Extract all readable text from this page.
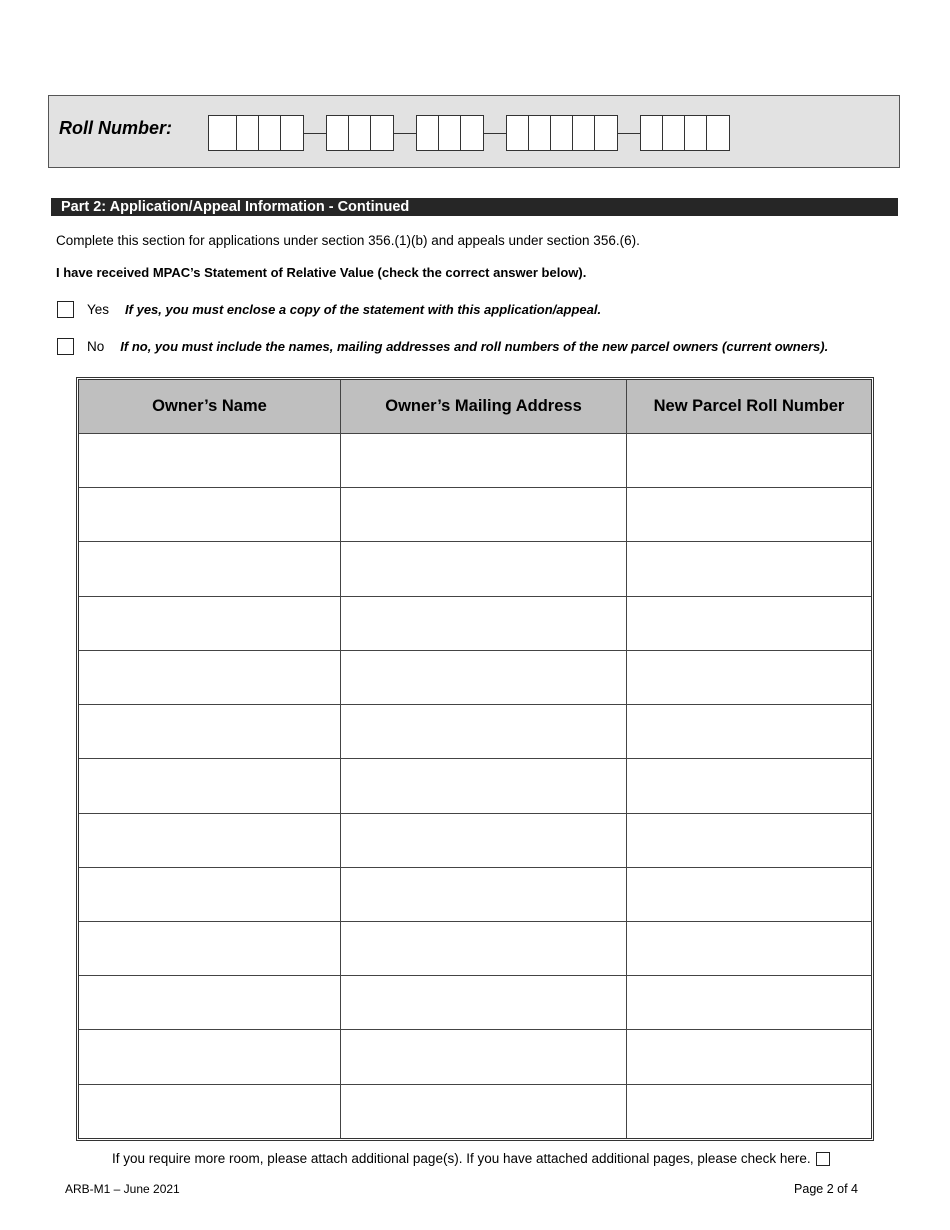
Roll Number:
Part 2: Application/Appeal Information - Continued
Complete this section for applications under section 356.(1)(b) and appeals under section 356.(6).
I have received MPAC’s Statement of Relative Value (check the correct answer below).
Yes If yes, you must enclose a copy of the statement with this application/appeal.
No If no, you must include the names, mailing addresses and roll numbers of the new parcel owners (current owners).
Owner’s Name	Owner’s Mailing Address	New Parcel Roll Number

If you require more room, please attach additional page(s). If you have attached additional pages, please check here.
ARB-M1 – June 2021	Page 2 of 4
